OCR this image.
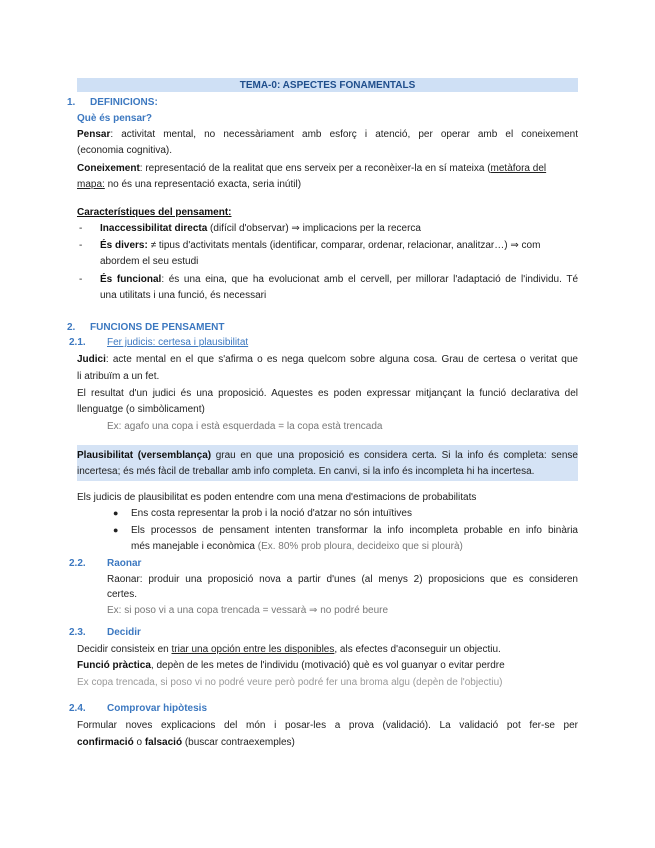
TEMA-0: ASPECTES FONAMENTALS
1. DEFINICIONS:
Què és pensar?
Pensar: activitat mental, no necessàriament amb esforç i atenció, per operar amb el coneixement
(economia cognitiva).
Coneixement: representació de la realitat que ens serveix per a reconèixer-la en sí mateixa (metàfora del
mapa: no és una representació exacta, seria inútil)
Característiques del pensament:
- Inaccessibilitat directa (difícil d'observar) ⇒ implicacions per la recerca
- És divers: ≠ tipus d'activitats mentals (identificar, comparar, ordenar, relacionar, analitzar…) ⇒ com
abordem el seu estudi
- És funcional: és una eina, que ha evolucionat amb el cervell, per millorar l'adaptació de l'individu. Té
una utilitats i una funció, és necessari
2. FUNCIONS DE PENSAMENT
2.1. Fer judicis: certesa i plausibilitat
Judici: acte mental en el que s'afirma o es nega quelcom sobre alguna cosa. Grau de certesa o veritat que
li atribuïm a un fet.
El resultat d'un judici és una proposició. Aquestes es poden expressar mitjançant la funció declarativa del
llenguatge (o simbòlicament)
Ex: agafo una copa i està esquerdada = la copa està trencada
Plausibilitat (versemblança) grau en que una proposició es considera certa. Si la info és completa: sense
incertesa; és més fàcil de treballar amb info completa. En canvi, si la info és incompleta hi ha incertesa.
Els judicis de plausibilitat es poden entendre com una mena d'estimacions de probabilitats
● Ens costa representar la prob i la noció d'atzar no són intuïtives
● Els processos de pensament intenten transformar la info incompleta probable en info binària
més manejable i econòmica (Ex. 80% prob ploura, decideixo que si plourà)
2.2. Raonar
Raonar: produir una proposició nova a partir d'unes (al menys 2) proposicions que es consideren
certes.
Ex: si poso vi a una copa trencada = vessarà ⇒ no podré beure
2.3. Decidir
Decidir consisteix en triar una opción entre les disponibles, als efectes d'aconseguir un objectiu.
Funció pràctica, depèn de les metes de l'individu (motivació) què es vol guanyar o evitar perdre
Ex copa trencada, si poso vi no podré veure però podré fer una broma algu (depèn de l'objectiu)
2.4. Comprovar hipòtesis
Formular noves explicacions del món i posar-les a prova (validació). La validació pot fer-se per
confirmació o falsació (buscar contraexemples)
